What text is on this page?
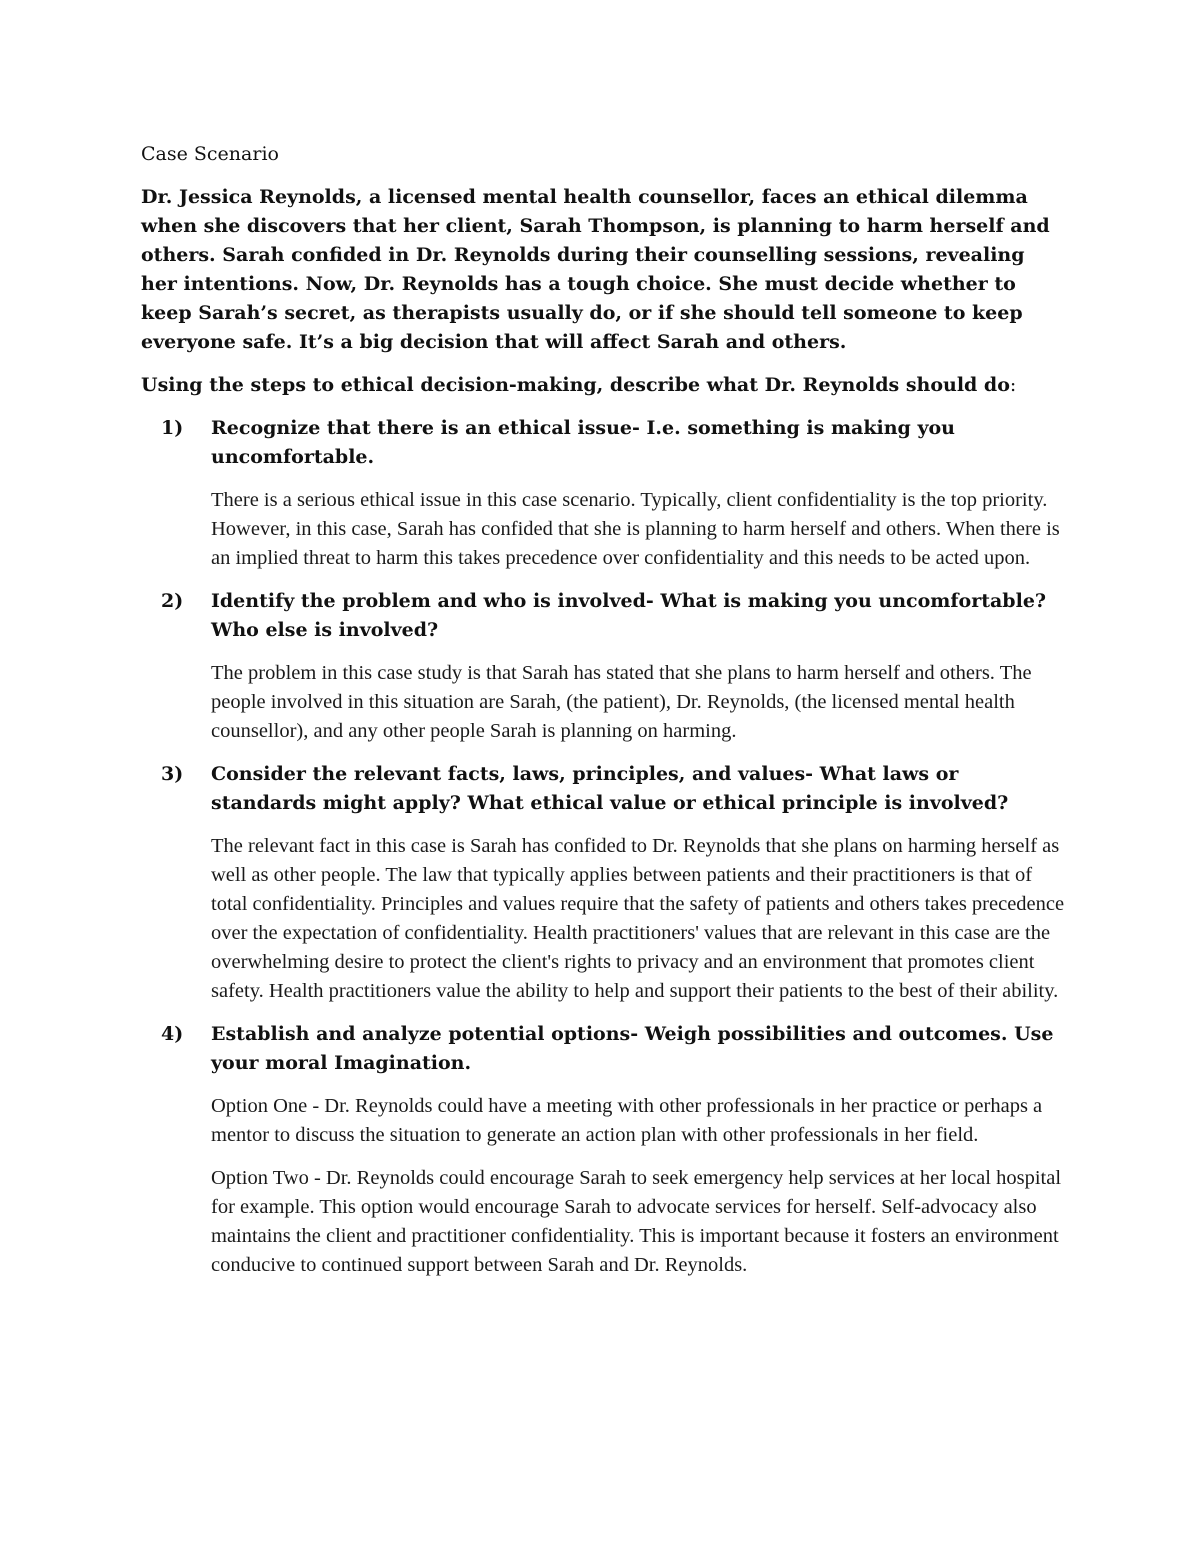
Case Scenario

Dr. Jessica Reynolds, a licensed mental health counsellor, faces an ethical dilemma when she discovers that her client, Sarah Thompson, is planning to harm herself and others. Sarah confided in Dr. Reynolds during their counselling sessions, revealing her intentions. Now, Dr. Reynolds has a tough choice. She must decide whether to keep Sarah’s secret, as therapists usually do, or if she should tell someone to keep everyone safe. It’s a big decision that will affect Sarah and others.

Using the steps to ethical decision-making, describe what Dr. Reynolds should do:

1) Recognize that there is an ethical issue- I.e. something is making you uncomfortable.

There is a serious ethical issue in this case scenario. Typically, client confidentiality is the top priority. However, in this case, Sarah has confided that she is planning to harm herself and others. When there is an implied threat to harm this takes precedence over confidentiality and this needs to be acted upon.

2) Identify the problem and who is involved- What is making you uncomfortable? Who else is involved?

The problem in this case study is that Sarah has stated that she plans to harm herself and others. The people involved in this situation are Sarah, (the patient), Dr. Reynolds, (the licensed mental health counsellor), and any other people Sarah is planning on harming.

3) Consider the relevant facts, laws, principles, and values- What laws or standards might apply? What ethical value or ethical principle is involved?

The relevant fact in this case is Sarah has confided to Dr. Reynolds that she plans on harming herself as well as other people. The law that typically applies between patients and their practitioners is that of total confidentiality. Principles and values require that the safety of patients and others takes precedence over the expectation of confidentiality. Health practitioners' values that are relevant in this case are the overwhelming desire to protect the client's rights to privacy and an environment that promotes client safety. Health practitioners value the ability to help and support their patients to the best of their ability.

4) Establish and analyze potential options- Weigh possibilities and outcomes. Use your moral Imagination.

Option One - Dr. Reynolds could have a meeting with other professionals in her practice or perhaps a mentor to discuss the situation to generate an action plan with other professionals in her field.

Option Two - Dr. Reynolds could encourage Sarah to seek emergency help services at her local hospital for example. This option would encourage Sarah to advocate services for herself. Self-advocacy also maintains the client and practitioner confidentiality. This is important because it fosters an environment conducive to continued support between Sarah and Dr. Reynolds.
